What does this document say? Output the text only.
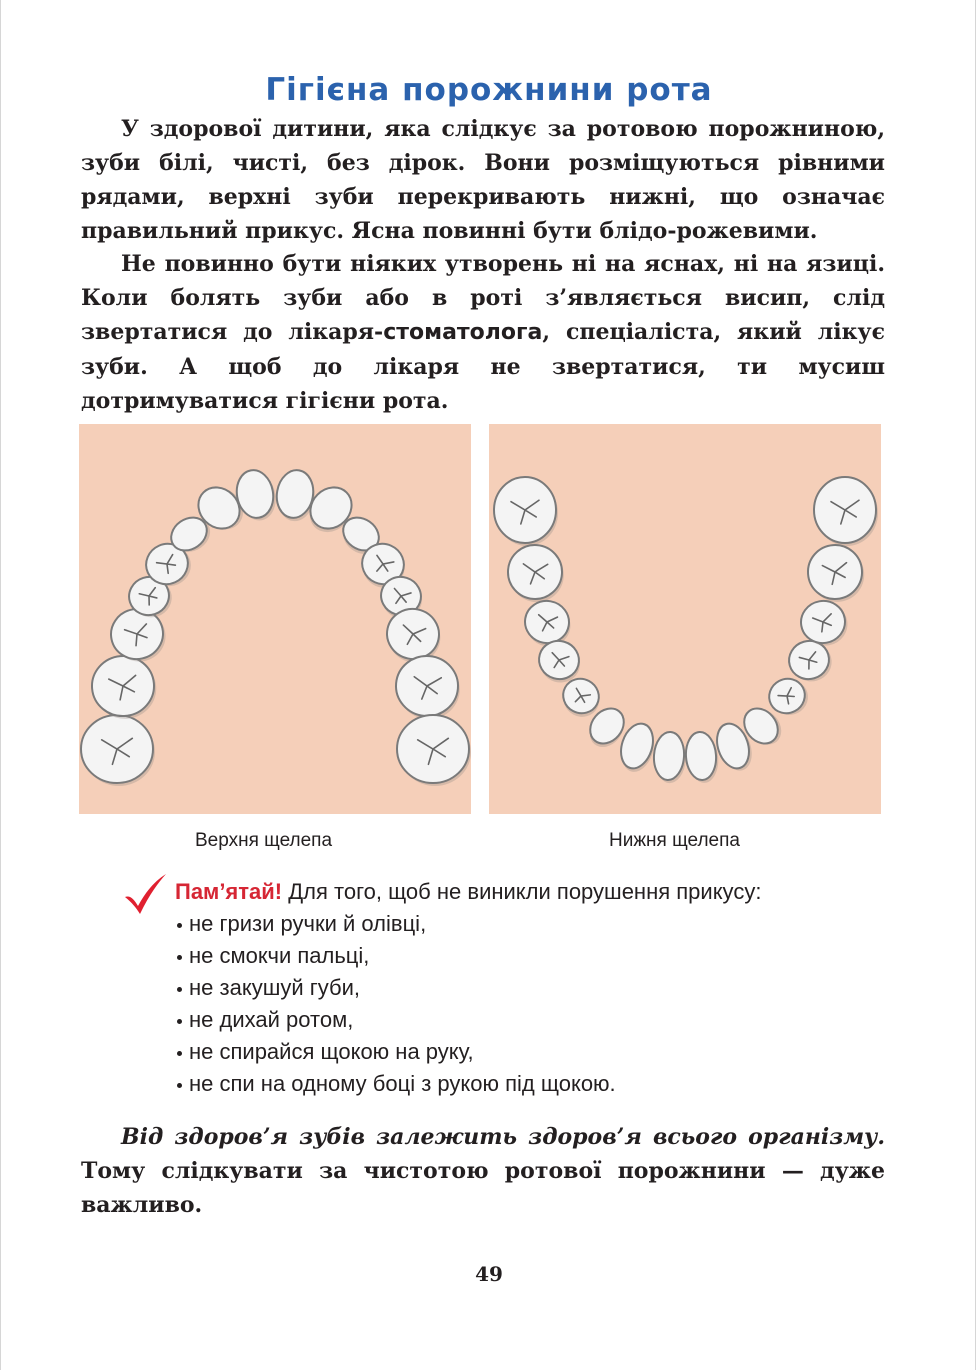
Гігієна порожнини рота

У здорової дитини, яка слідкує за ротовою порожниною, зуби білі, чисті, без дірок. Вони розміщуються рівними рядами, верхні зуби перекривають нижні, що означає правильний прикус. Ясна повинні бути блідо-рожевими.

Не повинно бути ніяких утворень ні на яснах, ні на язиці. Коли болять зуби або в роті з’являється висип, слід звертатися до лікаря-стоматолога, спеціаліста, який лікує зуби. А щоб до лікаря не звертатися, ти мусиш дотримуватися гігієни рота.

Верхня щелепа	Нижня щелепа
Пам’ятай! Для того, щоб не виникли порушення прикусу:
не гризи ручки й олівці,
не смокчи пальці,
не закушуй губи,
не дихай ротом,
не спирайся щокою на руку,
не спи на одному боці з рукою під щокою.

Від здоров’я зубів залежить здоров’я всього організму. Тому слідкувати за чистотою ротової порожнини — дуже важливо.

49
